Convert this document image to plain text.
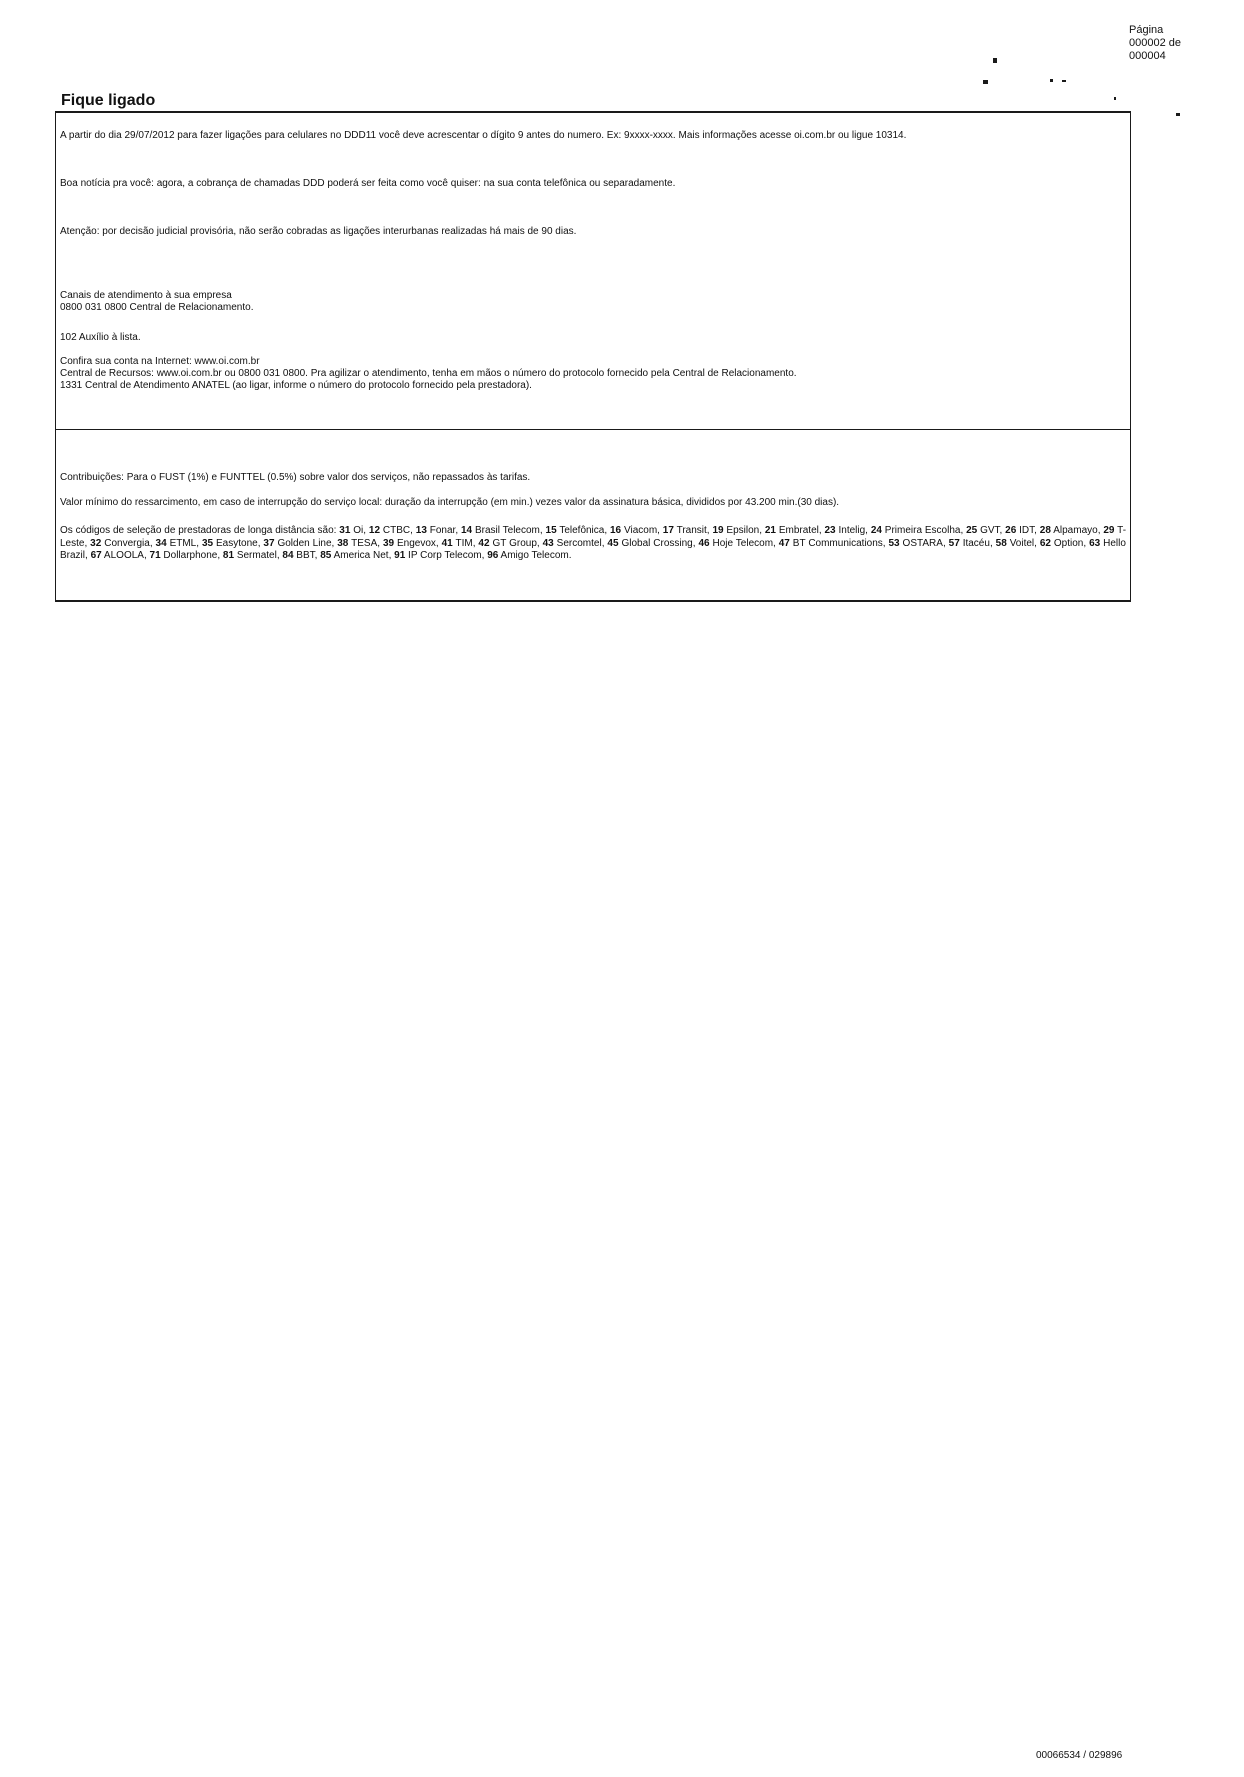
Página
000002 de
000004
Fique ligado
A partir do dia 29/07/2012 para fazer ligações para celulares no DDD11 você deve acrescentar o dígito 9 antes do numero. Ex: 9xxxx-xxxx. Mais informações acesse oi.com.br ou ligue 10314.
Boa notícia pra você: agora, a cobrança de chamadas DDD poderá ser feita como você quiser: na sua conta telefônica ou separadamente.
Atenção: por decisão judicial provisória, não serão cobradas as ligações interurbanas realizadas há mais de 90 dias.
Canais de atendimento à sua empresa
0800 031 0800 Central de Relacionamento.
102 Auxílio à lista.
Confira sua conta na Internet: www.oi.com.br
Central de Recursos: www.oi.com.br ou 0800 031 0800. Pra agilizar o atendimento, tenha em mãos o número do protocolo fornecido pela Central de Relacionamento.
1331 Central de Atendimento ANATEL (ao ligar, informe o número do protocolo fornecido pela prestadora).
Contribuições: Para o FUST (1%) e FUNTTEL (0.5%) sobre valor dos serviços, não repassados às tarifas.
Valor mínimo do ressarcimento, em caso de interrupção do serviço local: duração da interrupção (em min.) vezes valor da assinatura básica, divididos por 43.200 min.(30 dias).
Os códigos de seleção de prestadoras de longa distância são: 31 Oi, 12 CTBC, 13 Fonar, 14 Brasil Telecom, 15 Telefônica, 16 Viacom, 17 Transit, 19 Epsilon, 21 Embratel, 23 Intelig, 24 Primeira Escolha, 25 GVT, 26 IDT, 28 Alpamayo, 29 T-Leste, 32 Convergia, 34 ETML, 35 Easytone, 37 Golden Line, 38 TESA, 39 Engevox, 41 TIM, 42 GT Group, 43 Sercomtel, 45 Global Crossing, 46 Hoje Telecom, 47 BT Communications, 53 OSTARA, 57 Itacéu, 58 Voitel, 62 Option, 63 Hello Brazil, 67 ALOOLA, 71 Dollarphone, 81 Sermatel, 84 BBT, 85 America Net, 91 IP Corp Telecom, 96 Amigo Telecom.
00066534 / 029896
